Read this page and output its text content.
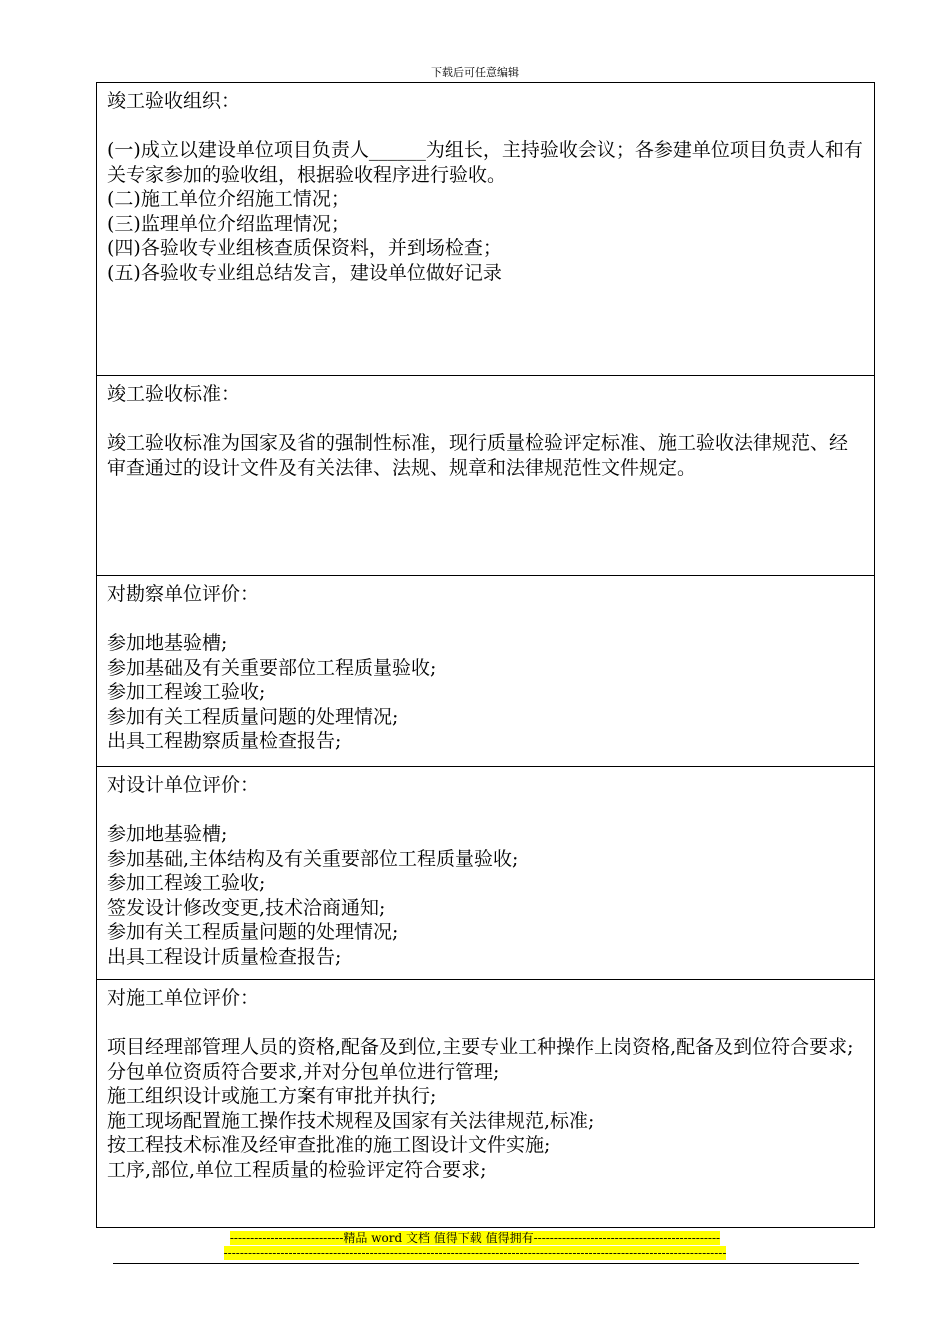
下载后可任意编辑
竣工验收组织：
(一)成立以建设单位项目负责人______为组长，主持验收会议；各参建单位项目负责人和有关专家参加的验收组，根据验收程序进行验收。
(二)施工单位介绍施工情况；
(三)监理单位介绍监理情况；
(四)各验收专业组核查质保资料，并到场检查；
(五)各验收专业组总结发言，建设单位做好记录
竣工验收标准：
竣工验收标准为国家及省的强制性标准，现行质量检验评定标准、施工验收法律规范、经审查通过的设计文件及有关法律、法规、规章和法律规范性文件规定。
对勘察单位评价：
参加地基验槽;
参加基础及有关重要部位工程质量验收;
参加工程竣工验收;
参加有关工程质量问题的处理情况;
出具工程勘察质量检查报告;
对设计单位评价：
参加地基验槽;
参加基础,主体结构及有关重要部位工程质量验收;
参加工程竣工验收;
签发设计修改变更,技术洽商通知;
参加有关工程质量问题的处理情况;
出具工程设计质量检查报告;
对施工单位评价：
项目经理部管理人员的资格,配备及到位,主要专业工种操作上岗资格,配备及到位符合要求;
分包单位资质符合要求,并对分包单位进行管理;
施工组织设计或施工方案有审批并执行;
施工现场配置施工操作技术规程及国家有关法律规范,标准;
按工程技术标准及经审查批准的施工图设计文件实施;
工序,部位,单位工程质量的检验评定符合要求;
----------------------------精品 word 文档 值得下载 值得拥有----------------------------------------------
----------------------------------------------------------------------------------------------------------------------------
